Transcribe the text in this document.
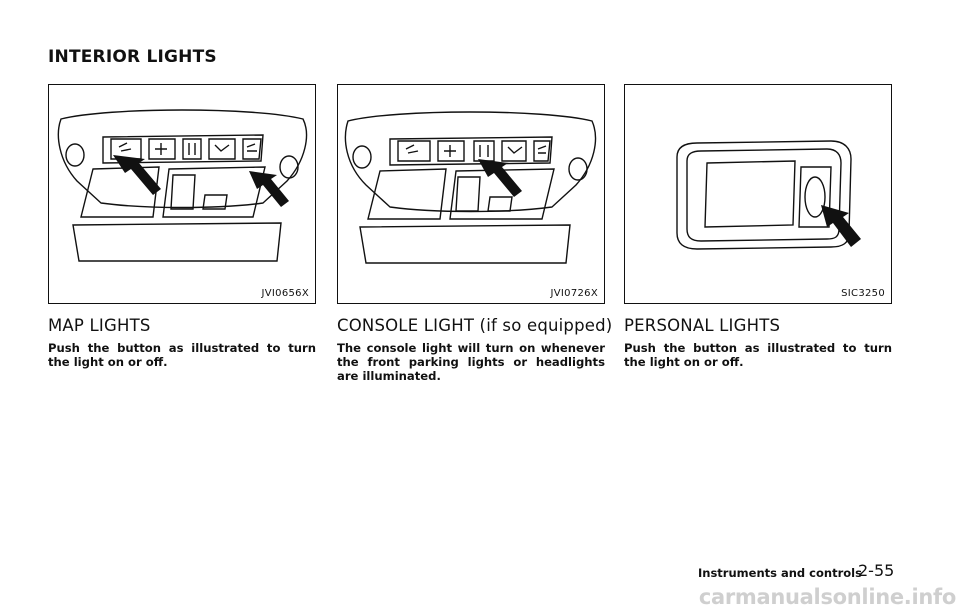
INTERIOR LIGHTS
JVI0656X
MAP LIGHTS

Push the button as illustrated to turn the light on or off.

JVI0726X
CONSOLE LIGHT (if so equipped)

The console light will turn on whenever the front parking lights or headlights are illuminated.

SIC3250
PERSONAL LIGHTS

Push the button as illustrated to turn the light on or off.

Instruments and controls
2-55
carmanualsonline.info
